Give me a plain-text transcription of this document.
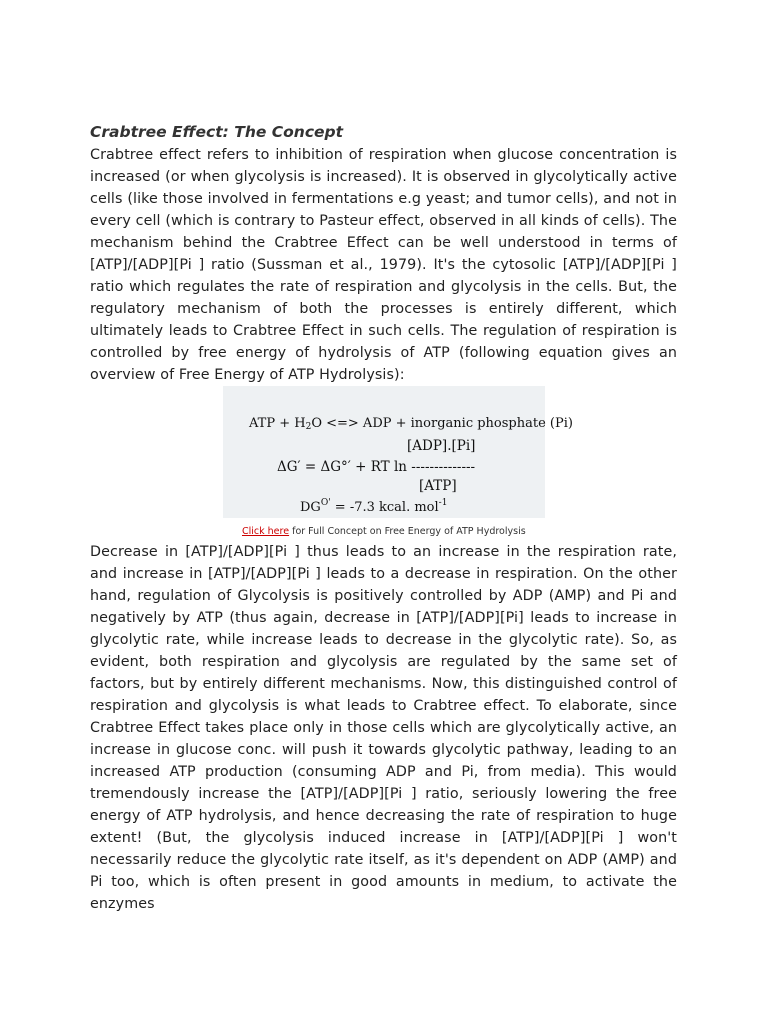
Crabtree Effect: The Concept

Crabtree effect refers to inhibition of respiration when glucose concentration is increased (or when glycolysis is increased). It is observed in glycolytically active cells (like those involved in fermentations e.g yeast; and tumor cells), and not in every cell (which is contrary to Pasteur effect, observed in all kinds of cells). The mechanism behind the Crabtree Effect can be well understood in terms of [ATP]/[ADP][Pi ] ratio (Sussman et al., 1979). It's the cytosolic [ATP]/[ADP][Pi ] ratio which regulates the rate of respiration and glycolysis in the cells. But, the regulatory mechanism of both the processes is entirely different, which ultimately leads to Crabtree Effect in such cells. The regulation of respiration is controlled by free energy of hydrolysis of ATP (following equation gives an overview of Free Energy of ATP Hydrolysis):

ATP + $H_2O$ <=> ADP + inorganic phosphate (Pi)
[ADP].[Pi]
ΔG′ = ΔG°′ + RT ln --------------
[ATP]
$DG^{O'} = -7.3$ kcal. mol$^{-1}$
Click here for Full Concept on Free Energy of ATP Hydrolysis

Decrease in [ATP]/[ADP][Pi ] thus leads to an increase in the respiration rate, and increase in [ATP]/[ADP][Pi ] leads to a decrease in respiration. On the other hand, regulation of Glycolysis is positively controlled by ADP (AMP) and Pi and negatively by ATP (thus again, decrease in [ATP]/[ADP][Pi] leads to increase in glycolytic rate, while increase leads to decrease in the glycolytic rate). So, as evident, both respiration and glycolysis are regulated by the same set of factors, but by entirely different mechanisms. Now, this distinguished control of respiration and glycolysis is what leads to Crabtree effect. To elaborate, since Crabtree Effect takes place only in those cells which are glycolytically active, an increase in glucose conc. will push it towards glycolytic pathway, leading to an increased ATP production (consuming ADP and Pi, from media). This would tremendously increase the [ATP]/[ADP][Pi ] ratio, seriously lowering the free energy of ATP hydrolysis, and hence decreasing the rate of respiration to huge extent! (But, the glycolysis induced increase in [ATP]/[ADP][Pi ] won't necessarily reduce the glycolytic rate itself, as it's dependent on ADP (AMP) and Pi too, which is often present in good amounts in medium, to activate the enzymes
